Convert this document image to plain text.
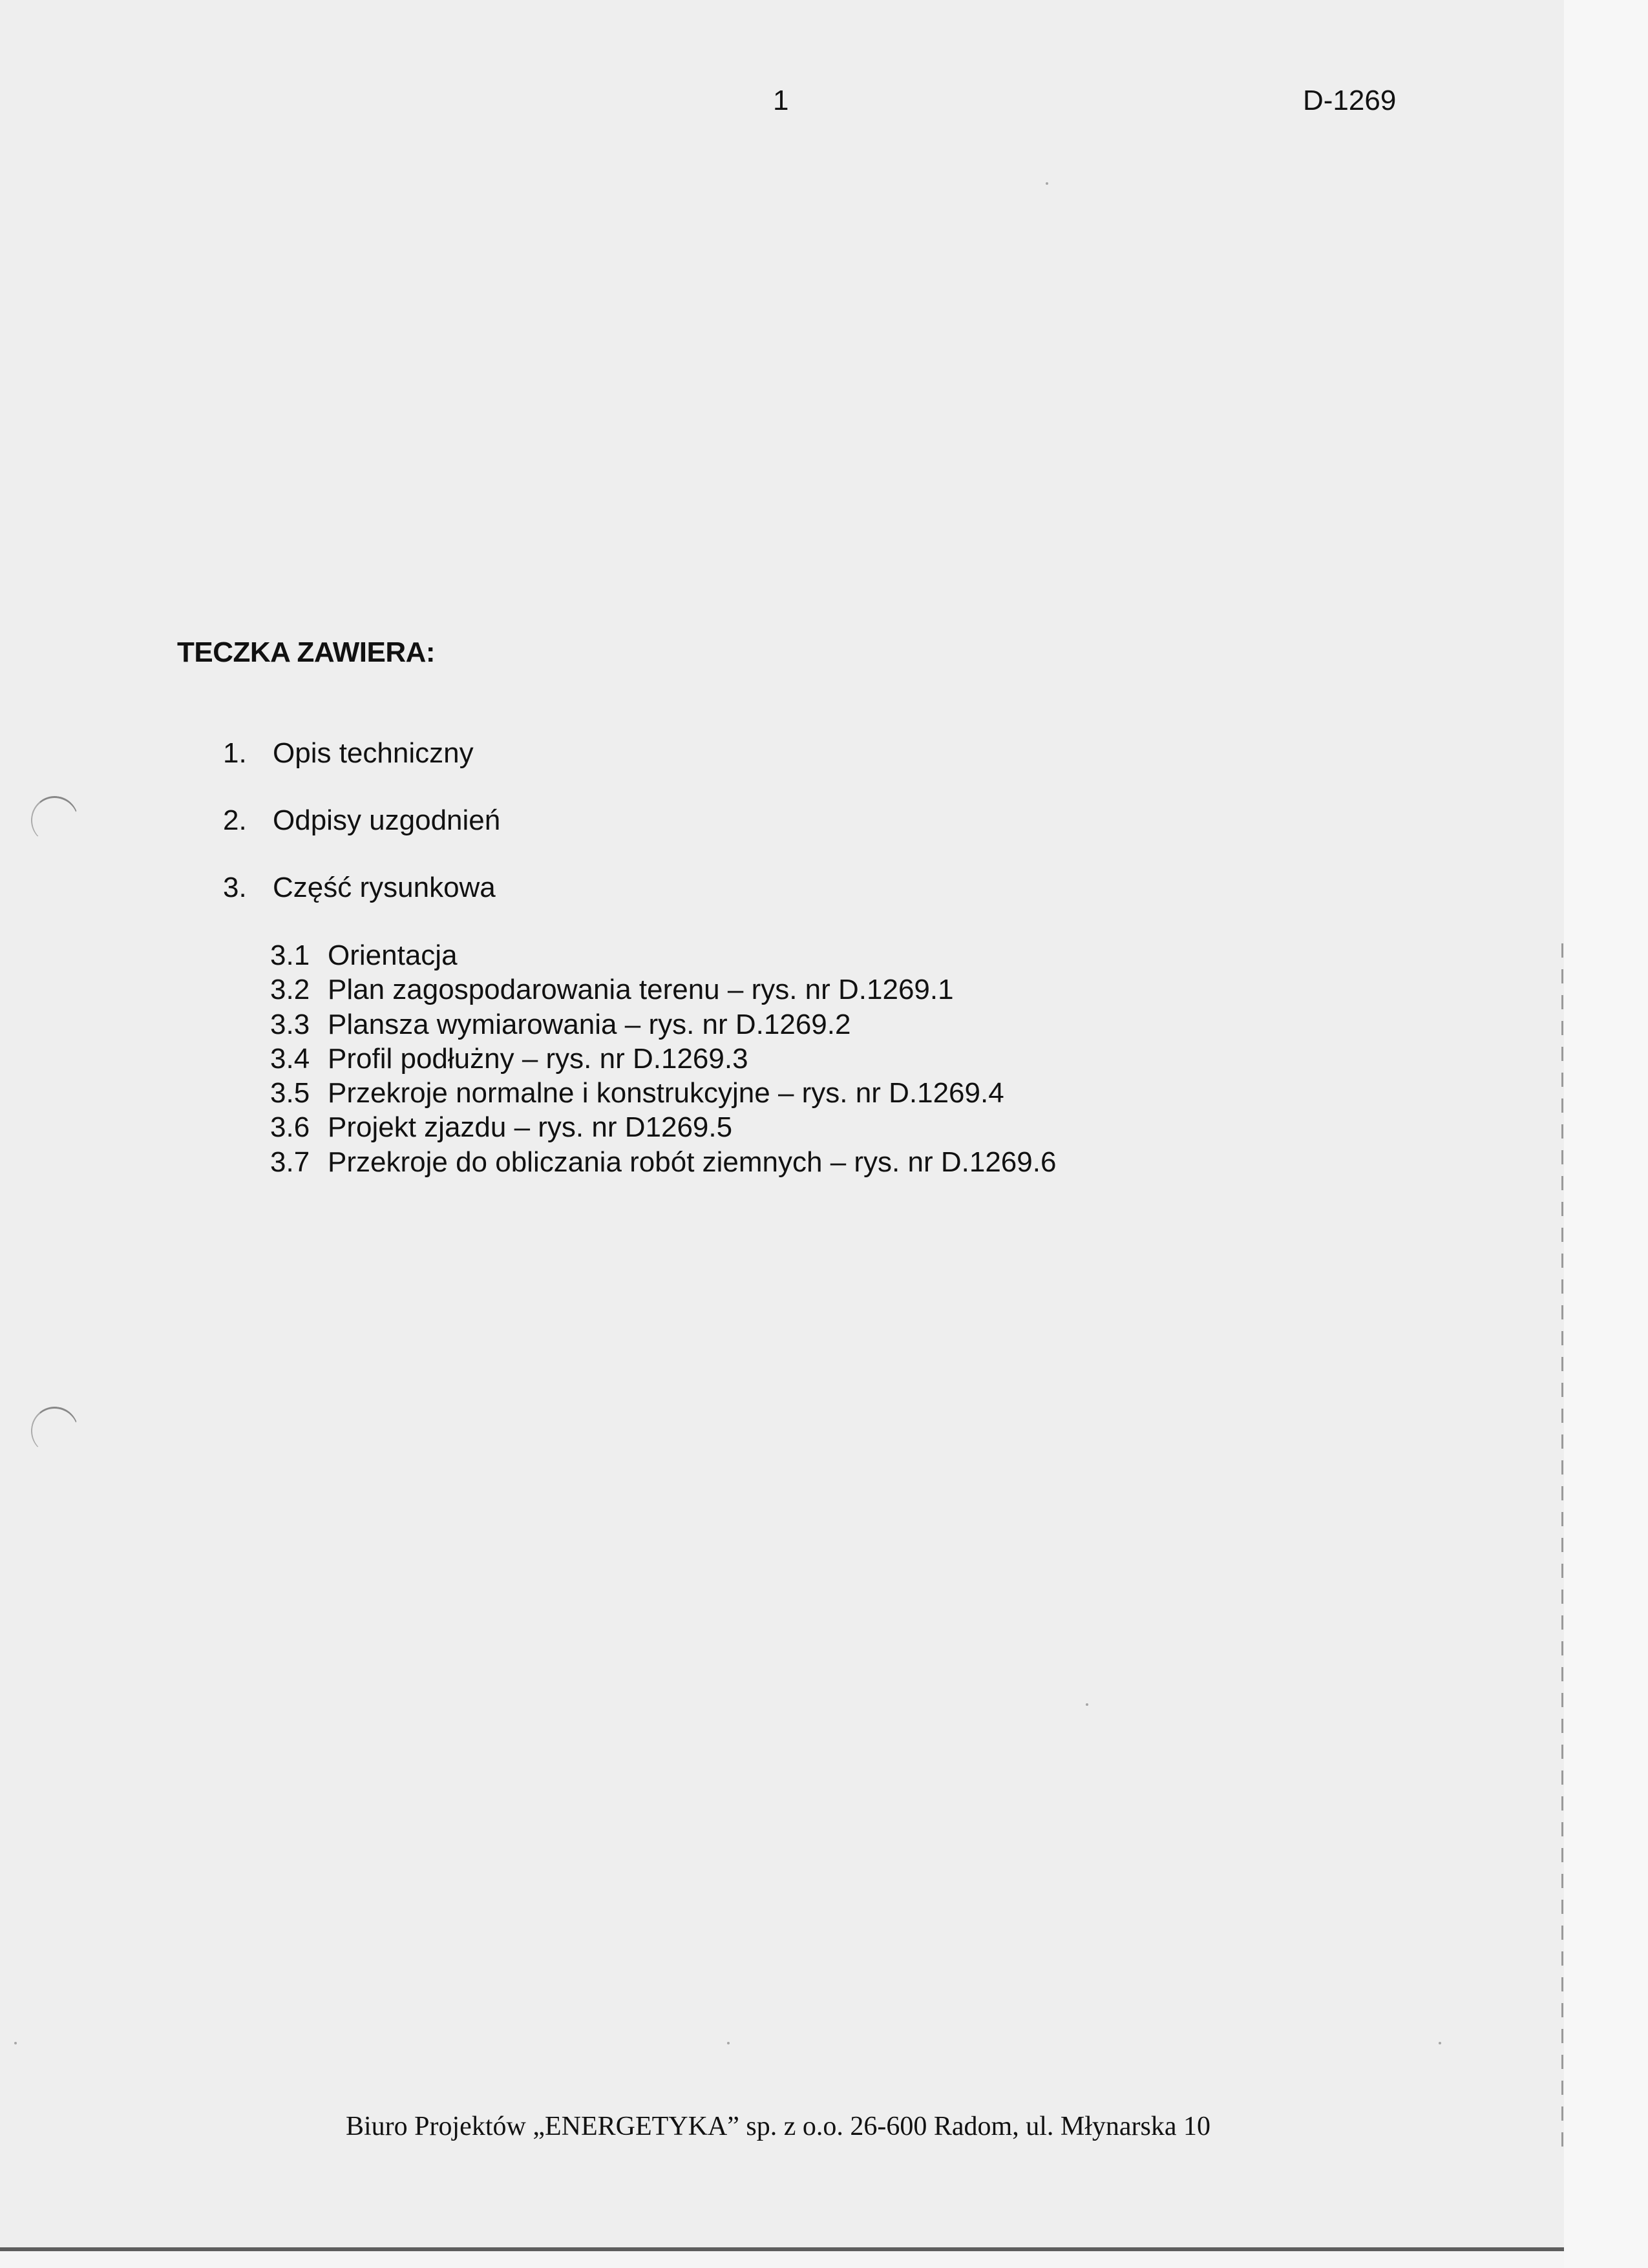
1	D-1269
TECZKA ZAWIERA:
1. Opis techniczny
2. Odpisy uzgodnień
3. Część rysunkowa
3.1 Orientacja
3.2 Plan zagospodarowania terenu – rys. nr D.1269.1
3.3 Plansza wymiarowania – rys. nr D.1269.2
3.4 Profil podłużny – rys. nr D.1269.3
3.5 Przekroje normalne i konstrukcyjne – rys. nr D.1269.4
3.6 Projekt zjazdu – rys. nr D1269.5
3.7 Przekroje do obliczania robót ziemnych – rys. nr D.1269.6
Biuro Projektów „ENERGETYKA” sp. z o.o. 26-600 Radom, ul. Młynarska 10
